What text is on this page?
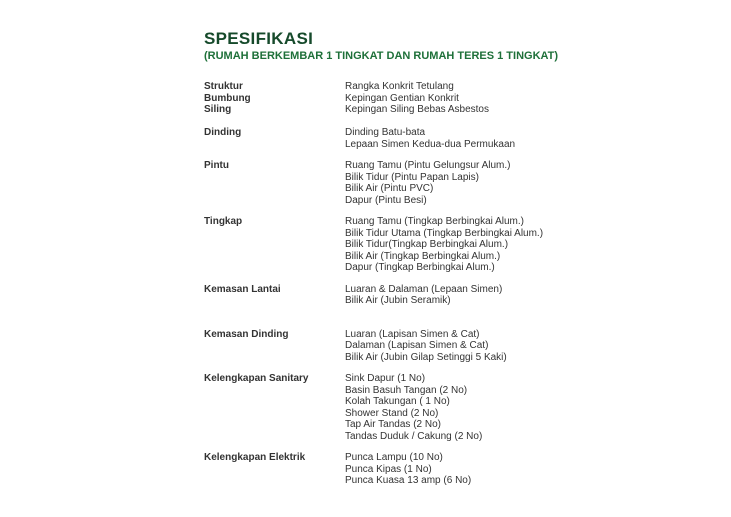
SPESIFIKASI
(RUMAH BERKEMBAR 1 TINGKAT DAN RUMAH TERES 1 TINGKAT)
Struktur	Rangka Konkrit Tetulang
Bumbung	Kepingan Gentian Konkrit
Siling	Kepingan Siling Bebas Asbestos
Dinding	Dinding Batu-bata
Lepaan Simen Kedua-dua Permukaan
Pintu	Ruang Tamu (Pintu Gelungsur Alum.)
Bilik Tidur (Pintu Papan Lapis)
Bilik Air (Pintu PVC)
Dapur (Pintu Besi)
Tingkap	Ruang Tamu (Tingkap Berbingkai Alum.)
Bilik Tidur Utama (Tingkap Berbingkai Alum.)
Bilik Tidur(Tingkap Berbingkai Alum.)
Bilik Air (Tingkap Berbingkai Alum.)
Dapur (Tingkap Berbingkai Alum.)
Kemasan Lantai	Luaran & Dalaman (Lepaan Simen)
Bilik Air (Jubin Seramik)
Kemasan Dinding	Luaran (Lapisan Simen & Cat)
Dalaman (Lapisan Simen & Cat)
Bilik Air (Jubin Gilap Setinggi 5 Kaki)
Kelengkapan Sanitary	Sink Dapur (1 No)
Basin Basuh Tangan (2 No)
Kolah Takungan ( 1 No)
Shower Stand (2 No)
Tap Air Tandas (2 No)
Tandas Duduk / Cakung (2 No)
Kelengkapan Elektrik	Punca Lampu (10 No)
Punca Kipas (1 No)
Punca Kuasa 13 amp (6 No)
